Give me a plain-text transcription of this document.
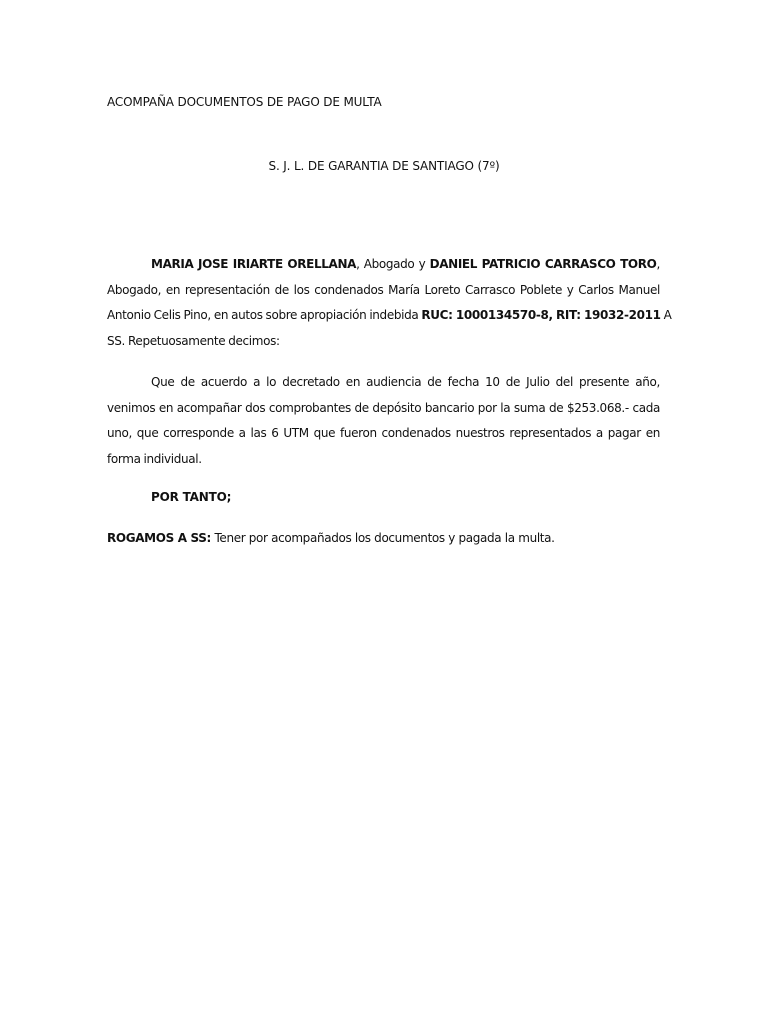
ACOMPAÑA DOCUMENTOS DE PAGO DE MULTA
S. J. L. DE GARANTIA DE SANTIAGO (7º)
MARIA JOSE IRIARTE ORELLANA, Abogado y DANIEL PATRICIO CARRASCO TORO,
Abogado, en representación de los condenados María Loreto Carrasco Poblete y Carlos Manuel
Antonio Celis Pino, en autos sobre apropiación indebida RUC: 1000134570-8, RIT: 19032-2011 A
SS. Repetuosamente decimos:
Que de acuerdo a lo decretado en audiencia de fecha 10 de Julio del presente año,
venimos en acompañar dos comprobantes de depósito bancario por la suma de $253.068.- cada
uno, que corresponde a las 6 UTM que fueron condenados nuestros representados a pagar en
forma individual.
POR TANTO;
ROGAMOS A SS: Tener por acompañados los documentos y pagada la multa.
